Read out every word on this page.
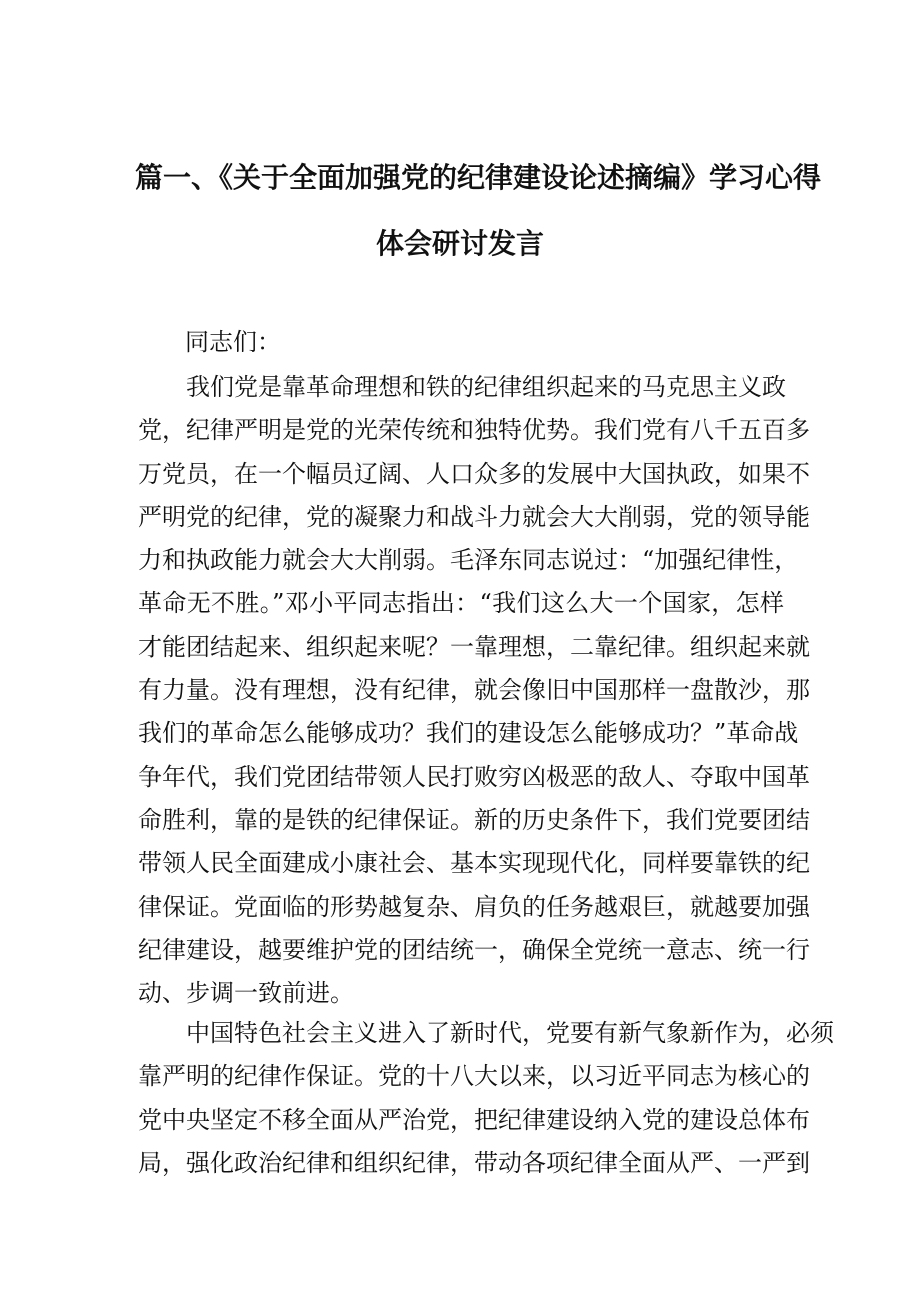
篇一、《关于全面加强党的纪律建设论述摘编》学习心得
体会研讨发言
同志们：
我们党是靠革命理想和铁的纪律组织起来的马克思主义政
党，纪律严明是党的光荣传统和独特优势。我们党有八千五百多
万党员，在一个幅员辽阔、人口众多的发展中大国执政，如果不
严明党的纪律，党的凝聚力和战斗力就会大大削弱，党的领导能
力和执政能力就会大大削弱。毛泽东同志说过：“加强纪律性，
革命无不胜。”邓小平同志指出：“我们这么大一个国家，怎样
才能团结起来、组织起来呢？一靠理想，二靠纪律。组织起来就
有力量。没有理想，没有纪律，就会像旧中国那样一盘散沙，那
我们的革命怎么能够成功？我们的建设怎么能够成功？”革命战
争年代，我们党团结带领人民打败穷凶极恶的敌人、夺取中国革
命胜利，靠的是铁的纪律保证。新的历史条件下，我们党要团结
带领人民全面建成小康社会、基本实现现代化，同样要靠铁的纪
律保证。党面临的形势越复杂、肩负的任务越艰巨，就越要加强
纪律建设，越要维护党的团结统一，确保全党统一意志、统一行
动、步调一致前进。
中国特色社会主义进入了新时代，党要有新气象新作为，必须
靠严明的纪律作保证。党的十八大以来，以习近平同志为核心的
党中央坚定不移全面从严治党，把纪律建设纳入党的建设总体布
局，强化政治纪律和组织纪律，带动各项纪律全面从严、一严到
